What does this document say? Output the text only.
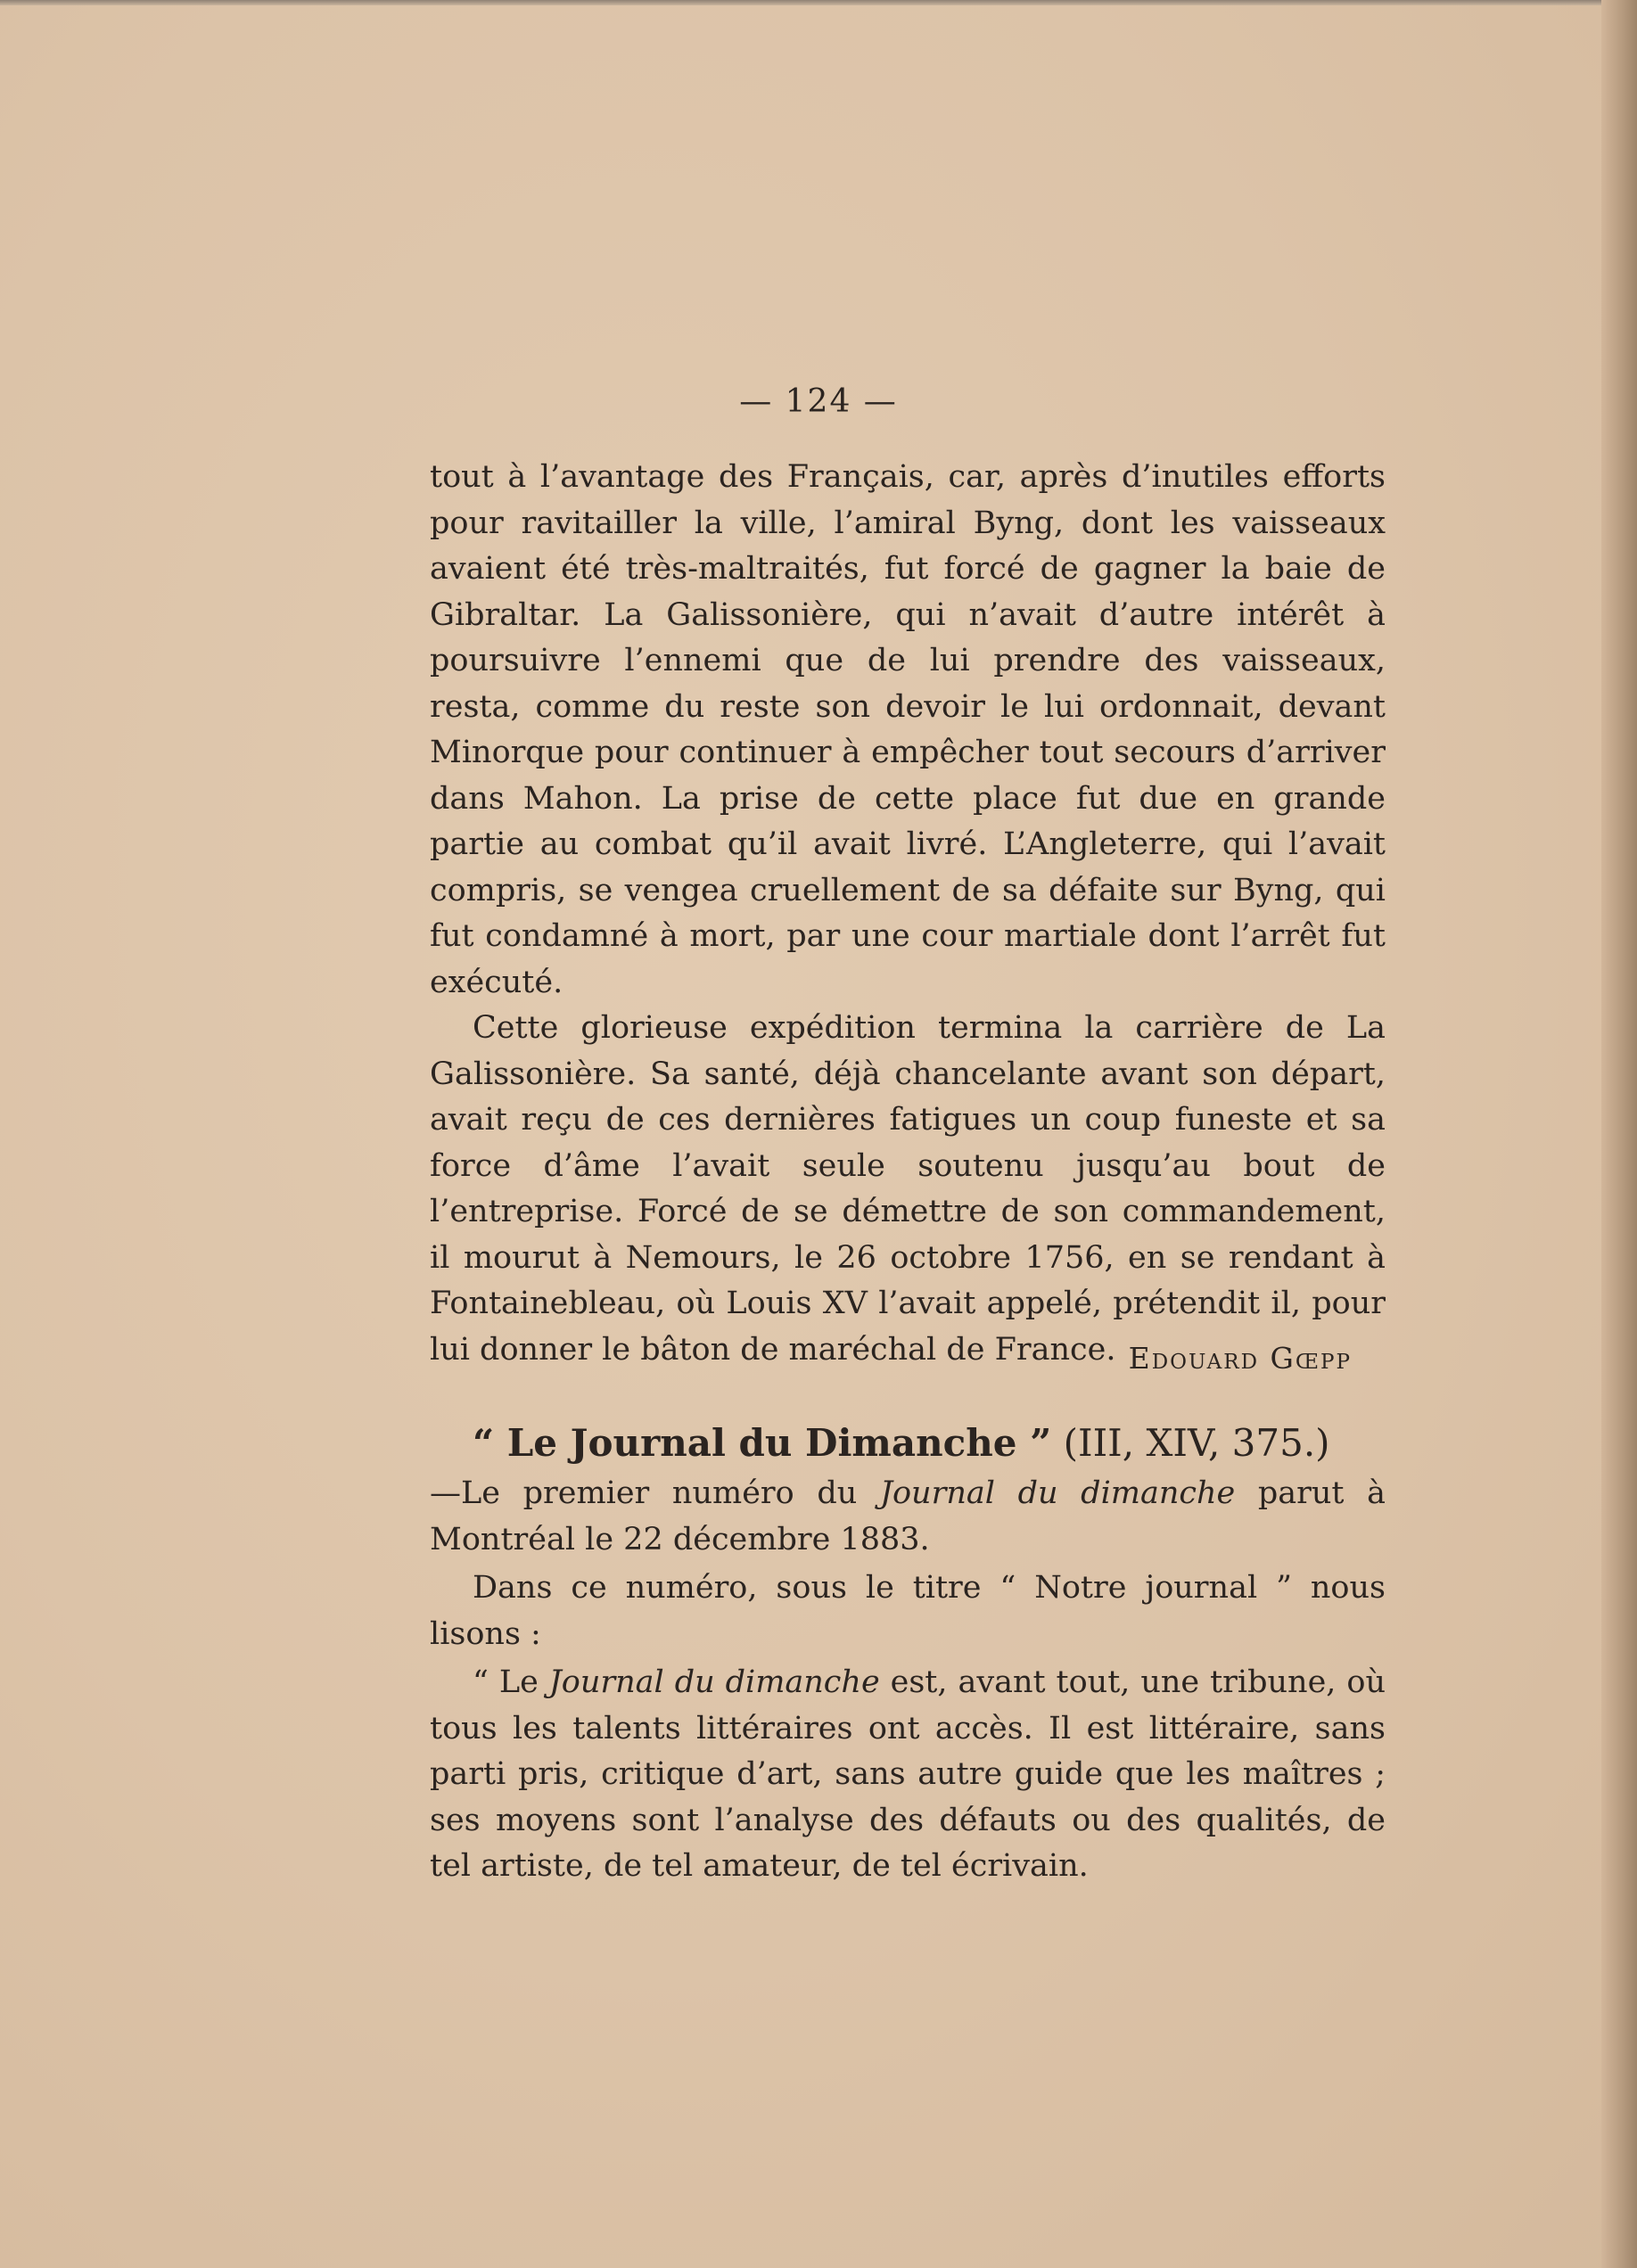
— 124 —

tout à l’avantage des Français, car, après d’inutiles efforts pour ravitailler la ville, l’amiral Byng, dont les vaisseaux avaient été très-maltraités, fut forcé de gagner la baie de Gibraltar. La Galissonière, qui n’avait d’autre intérêt à poursuivre l’ennemi que de lui prendre des vaisseaux, resta, comme du reste son devoir le lui ordonnait, devant Minorque pour continuer à empêcher tout secours d’arriver dans Mahon. La prise de cette place fut due en grande partie au combat qu’il avait livré. L’Angleterre, qui l’avait compris, se vengea cruellement de sa défaite sur Byng, qui fut condamné à mort, par une cour martiale dont l’arrêt fut exécuté.

Cette glorieuse expédition termina la carrière de La Galissonière. Sa santé, déjà chancelante avant son départ, avait reçu de ces dernières fatigues un coup funeste et sa force d’âme l’avait seule soutenu jusqu’au bout de l’entreprise. Forcé de se démettre de son commandement, il mourut à Nemours, le 26 octobre 1756, en se rendant à Fontainebleau, où Louis XV l’avait appelé, prétendit il, pour lui donner le bâton de maréchal de France. Edouard Gœpp
“ Le Journal du Dimanche ” (III, XIV, 375.)

—Le premier numéro du Journal du dimanche parut à Montréal le 22 décembre 1883.

Dans ce numéro, sous le titre “ Notre journal ” nous lisons :

“ Le Journal du dimanche est, avant tout, une tribune, où tous les talents littéraires ont accès. Il est littéraire, sans parti pris, critique d’art, sans autre guide que les maîtres ; ses moyens sont l’analyse des défauts ou des qualités, de tel artiste, de tel amateur, de tel écrivain.
